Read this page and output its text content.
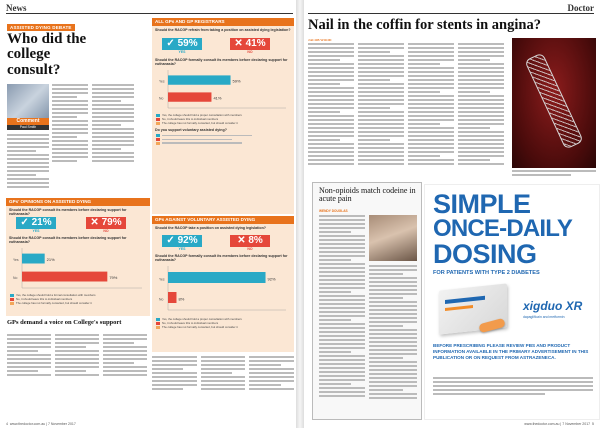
News
ASSISTED DYING DEBATE
Who did the college consult?
Comment
Paul Smith
GPs' OPINIONS ON ASSISTED DYING
Should the RACGP consult its members before declaring support for euthanasia?
✓ 21%
YES
✕ 79%
NO
Should the RACGP consult its members before declaring support for euthanasia?
21%
Yes
79%
No
Yes, the college should hold a formal consultation with members
No, it should leave this to individual members
The college has not formally consulted, but should consider it
GPs demand a voice on College's support
ALL GPs AND GP REGISTRARS
Should the RACGP refrain from taking a position on assisted dying legislation?
✓ 59%
YES
✕ 41%
NO
Should the RACGP formally consult its members before declaring support for euthanasia?
59%
Yes
41%
No
Yes, the college should hold a proper consultation with members
No, it should leave this to individual members
The college has not formally consulted, but should consider it
Do you support voluntary assisted dying?
GPs AGAINST VOLUNTARY ASSISTED DYING
Should the RACGP take a position on assisted dying legislation?
✓ 92%
YES
✕ 8%
NO
Should the RACGP formally consult its members before declaring support for euthanasia?
92%
Yes
8%
No
Yes, the college should hold a proper consultation with members
No, it should leave this to individual members
The college has not formally consulted, but should consider it
4 www.thedoctor.com.au | 7 November 2017
Doctor
Nail in the coffin for stents in angina?
JACOB WOOD
Non-opioids match codeine in acute pain
WENDY DOUGLAS	SIMPLE
ONCE-DAILY
DOSING
FOR PATIENTS WITH TYPE 2 DIABETES
xigduo XR
dapagliflozin and metformin
BEFORE PRESCRIBING PLEASE REVIEW PBS AND PRODUCT INFORMATION AVAILABLE IN THE PRIMARY ADVERTISEMENT IN THIS PUBLICATION OR ON REQUEST FROM ASTRAZENECA.
www.thedoctor.com.au | 7 November 2017 5
